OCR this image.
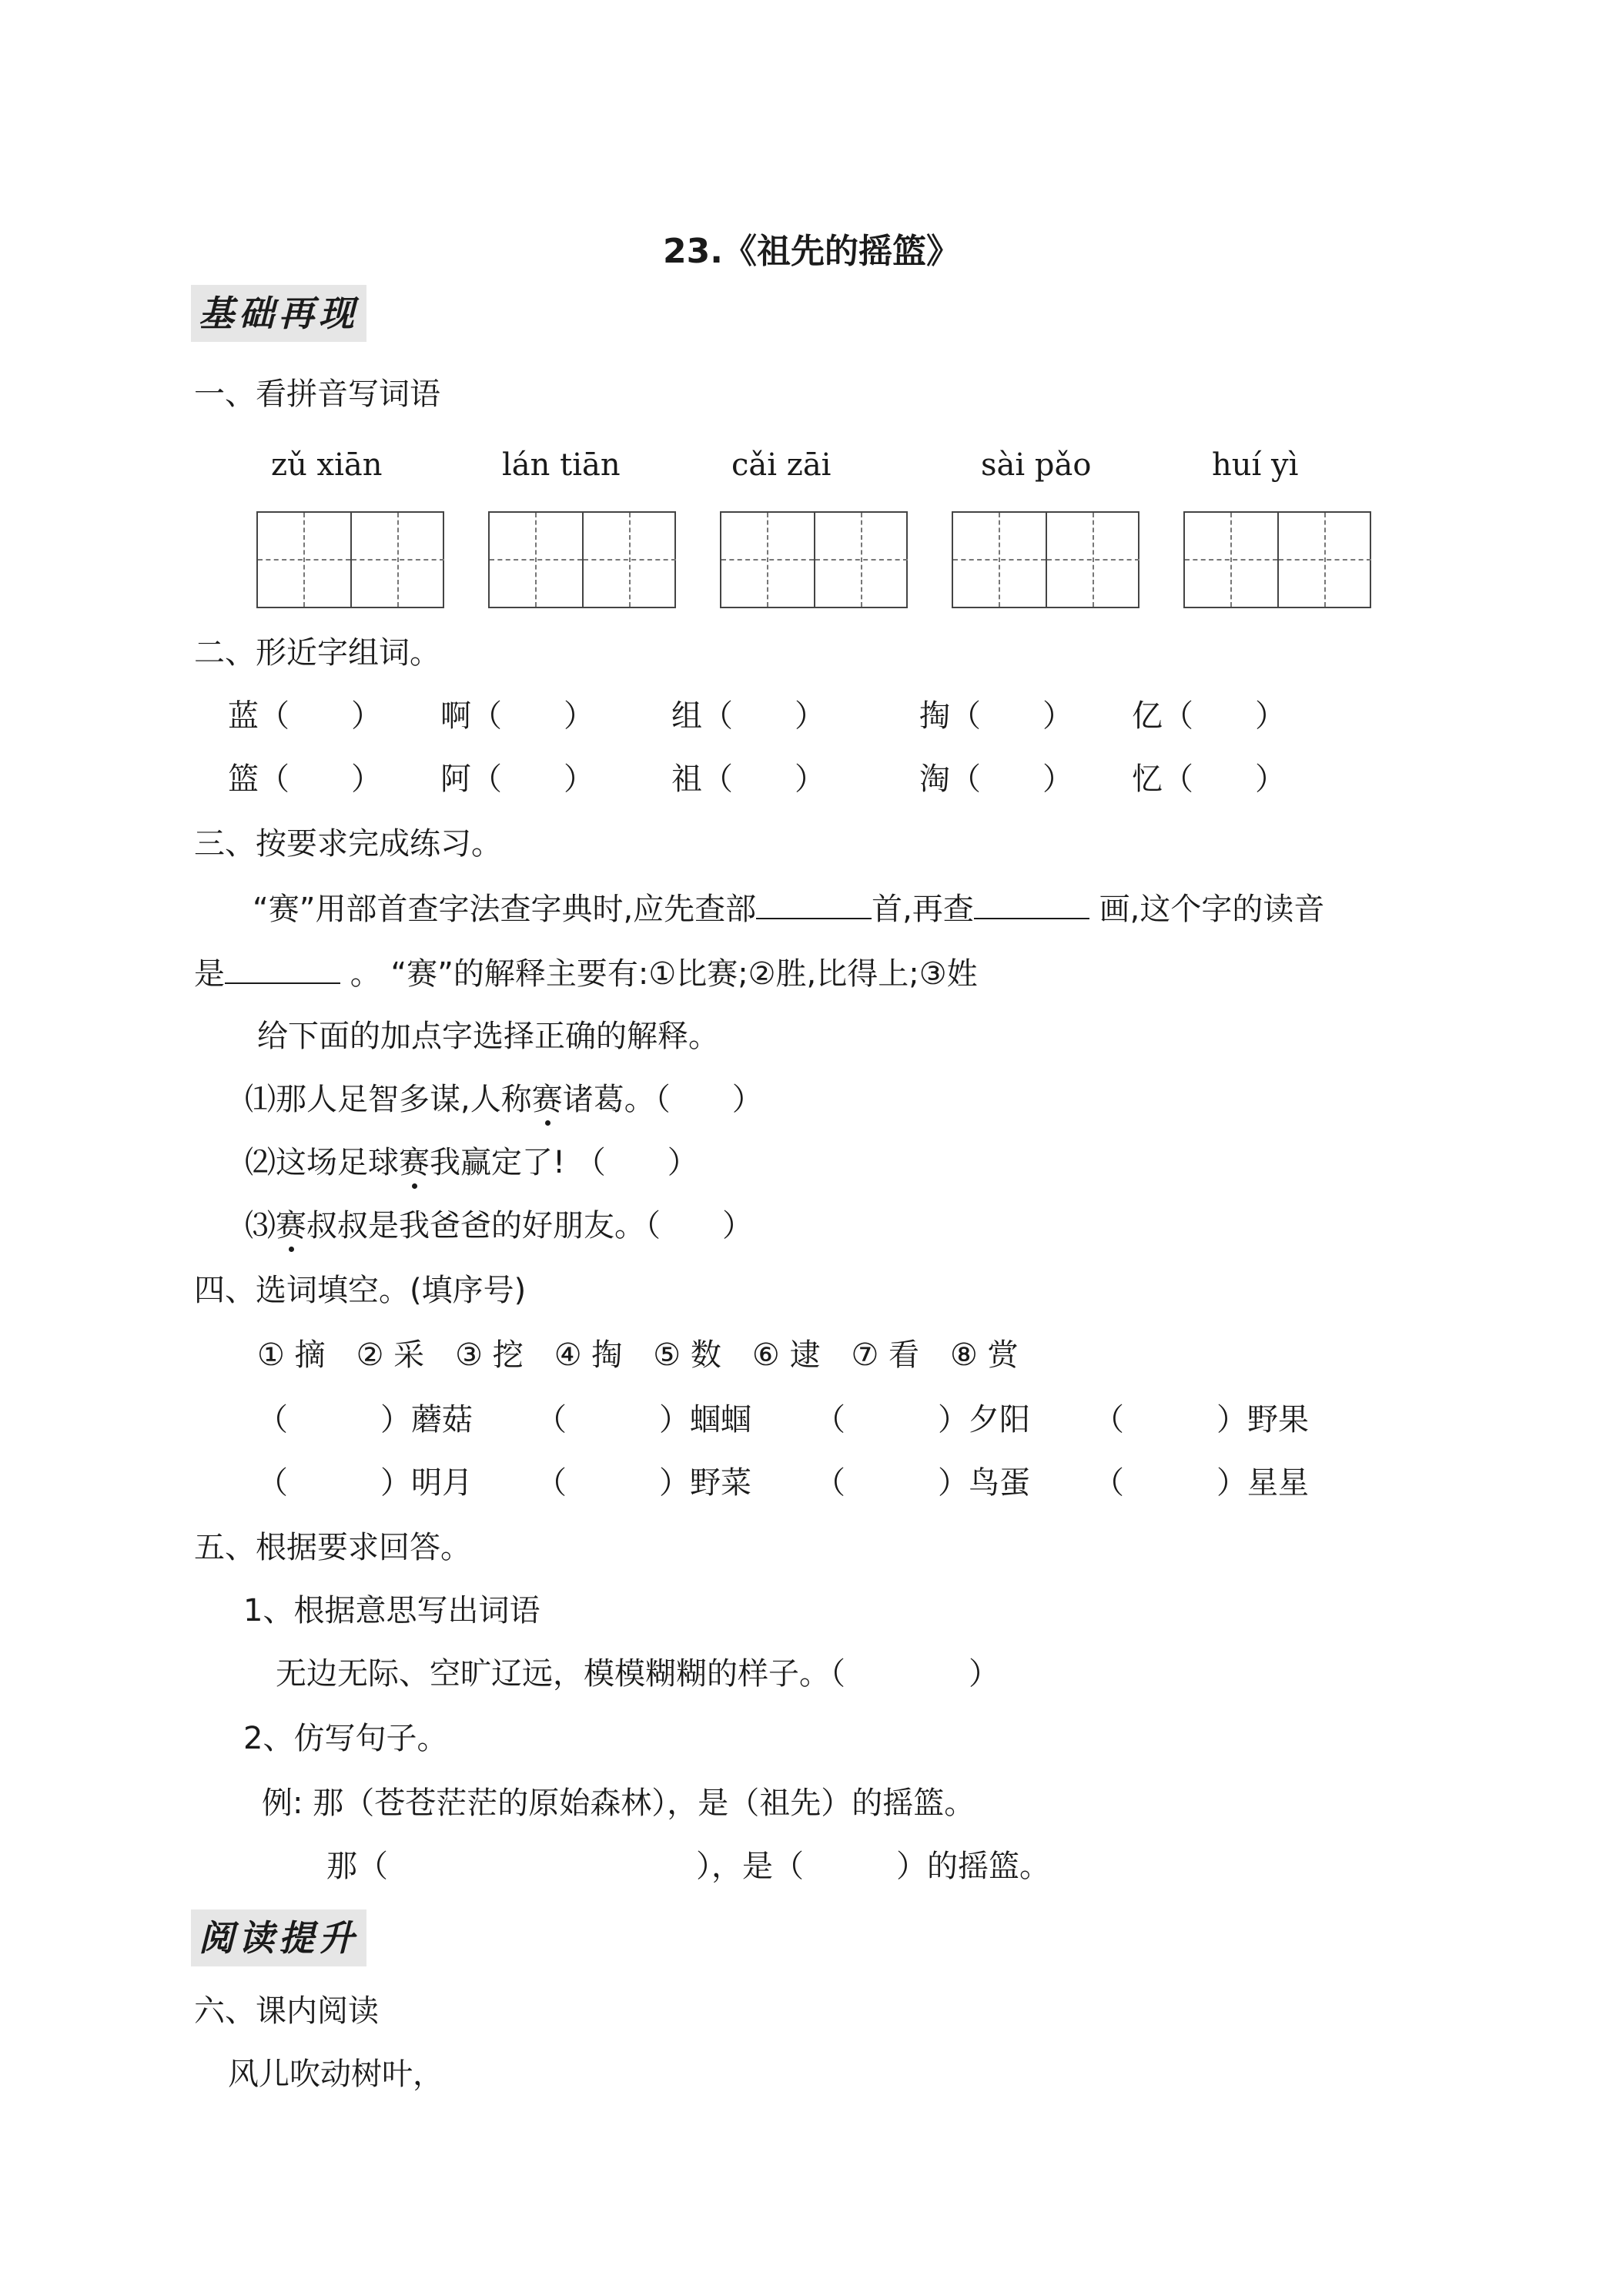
23.《祖先的摇篮》
基础再现
一、看拼音写词语
zǔ xiān	lán tiān	cǎi zāi	sài pǎo	huí yì
二、形近字组词。
蓝（　　） 啊（　　）	组（　　）	掏（　　） 亿（　　）
篮（　　） 阿（　　）	祖（　　）	淘（　　） 忆（　　）
三、按要求完成练习。
“赛”用部首查字法查字典时,应先查部	首,再查	画,这个字的读音
是	。 “赛”的解释主要有:①比赛;②胜,比得上;③姓
给下面的加点字选择正确的解释。
⑴那人足智多谋,人称赛诸葛。（　　）
⑵这场足球赛我赢定了! （　　）
⑶赛叔叔是我爸爸的好朋友。（　　）
四、选词填空。(填序号)
① 摘　② 采　③ 挖　④ 掏　⑤ 数　⑥ 逮　⑦ 看　⑧ 赏
（　　　）蘑菇 （　　　）蝈蝈 （　　　）夕阳 （　　　）野果
（　　　）明月 （　　　）野菜 （　　　）鸟蛋 （　　　）星星
五、根据要求回答。
1、根据意思写出词语
无边无际、空旷辽远，模模糊糊的样子。（　　　　）
2、仿写句子。
例: 那（苍苍茫茫的原始森林），是（祖先）的摇篮。
那（　　　　　　　　　　），是（　　　）的摇篮。
阅读提升
六、课内阅读
风儿吹动树叶，
